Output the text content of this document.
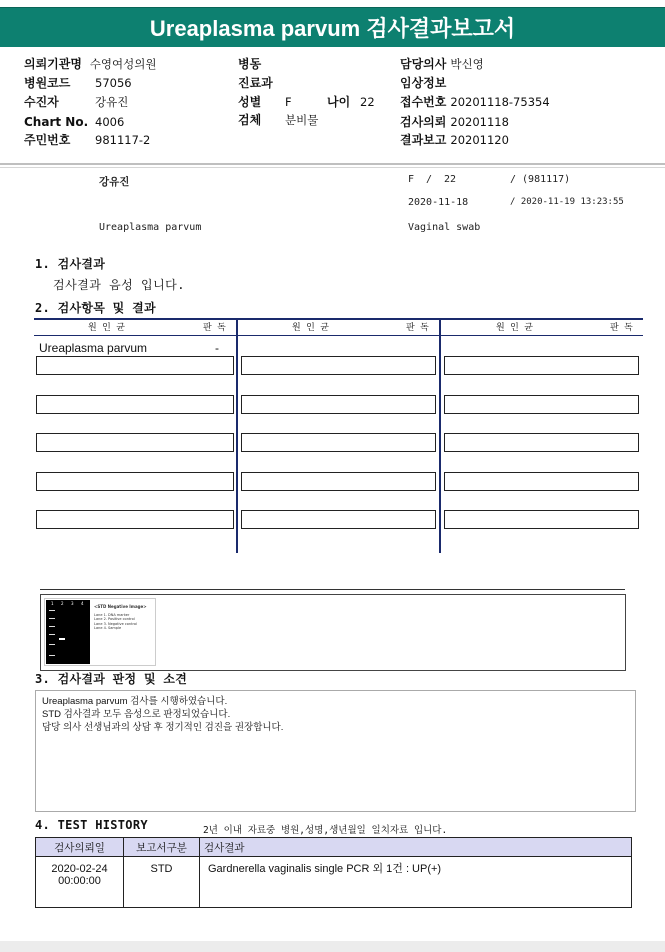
Ureaplasma parvum 검사결과보고서
의뢰기관명 수영여성의원
병원코드 57056
수진자	강유진
Chart No. 4006
주민번호 981117-2
병동
진료과
성별 F	나이 22
검체 분비물
담당의사 박신영
임상정보
접수번호 20201118-75354
검사의뢰 20201118
결과보고 20201120
강유진	F / 22	/ (981117)
2020-11-18	/ 2020-11-19 13:23:55
Ureaplasma parvum	Vaginal swab
1. 검사결과
검사결과 음성 입니다.
2. 검사항목 및 결과
원 인 균	판 독	원 인 균	판 독	원 인 균	판 독
Ureaplasma parvum	-
1 2 3 4
<STD Negative Image>
Lane 1. DNA marker
Lane 2. Positive control
Lane 3. Negative control
Lane 4. Sample
3. 검사결과 판정 및 소견
Ureaplasma parvum 검사를 시행하였습니다.
STD 검사결과 모두 음성으로 판정되었습니다.
담당 의사 선생님과의 상담 후 정기적인 검진을 권장합니다.
4. TEST HISTORY	2년 이내 자료중 병원,성명,생년월일 일치자료 입니다.
검사의뢰일	보고서구분	검사결과

2020-02-24
00:00:00	STD	Gardnerella vaginalis single PCR 외 1건 : UP(+)
